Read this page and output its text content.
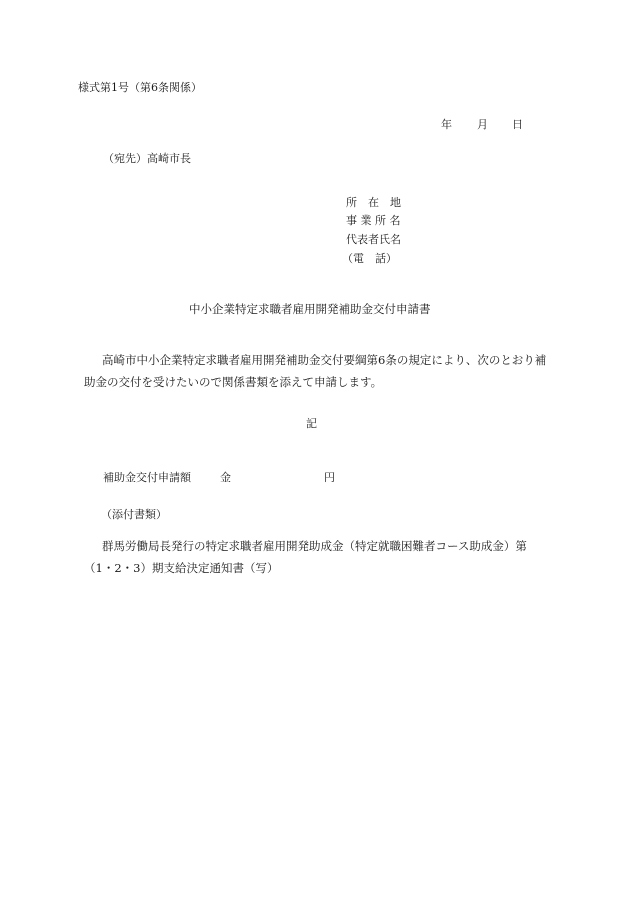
様式第1号（第6条関係）
年 月 日
（宛先）高崎市長
所　在　地
事 業 所 名
代表者氏名
（電　話）
中小企業特定求職者雇用開発補助金交付申請書
高崎市中小企業特定求職者雇用開発補助金交付要綱第6条の規定により、次のとおり補助金の交付を受けたいので関係書類を添えて申請します。
記
補助金交付申請額	金	円
（添付書類）
群馬労働局長発行の特定求職者雇用開発助成金（特定就職困難者コース助成金）第（1・2・3）期支給決定通知書（写）
